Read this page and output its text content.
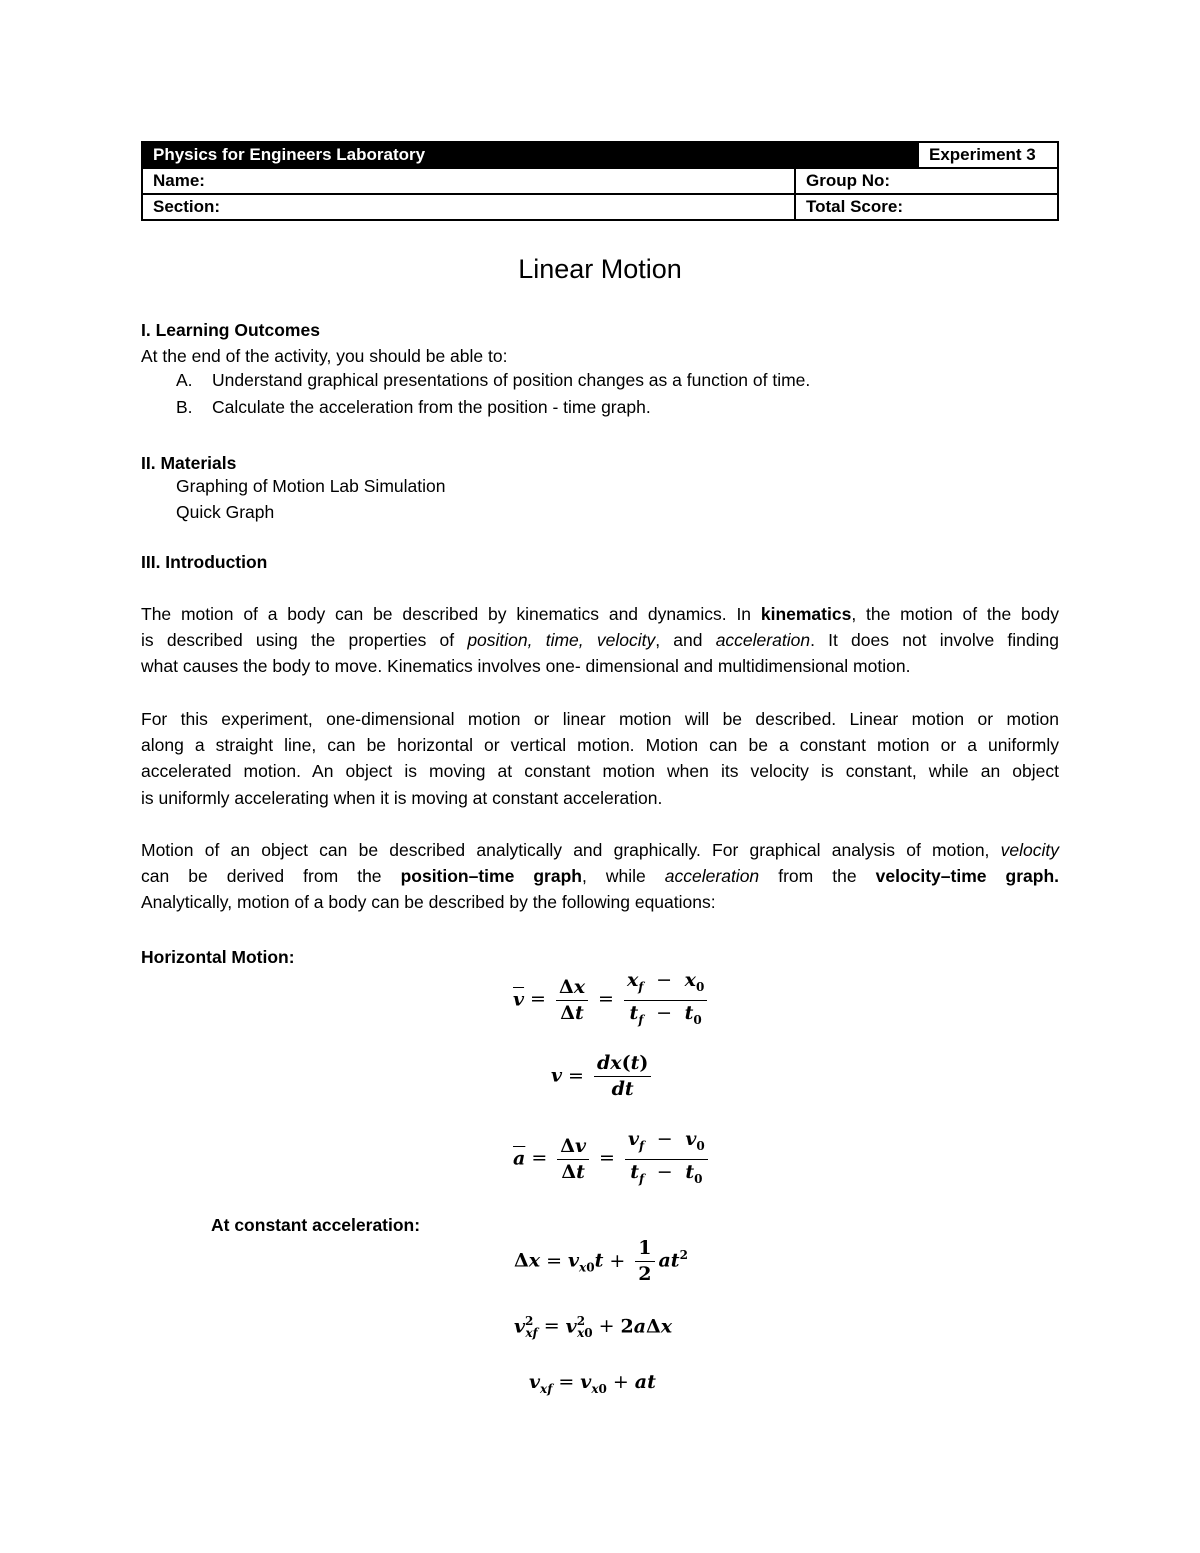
Physics for Engineers Laboratory		Experiment 3
Name:	Group No:	
Section:	Total Score:	
Linear Motion
I. Learning Outcomes
At the end of the activity, you should be able to:
A. Understand graphical presentations of position changes as a function of time.
B. Calculate the acceleration from the position - time graph.
II. Materials
Graphing of Motion Lab Simulation
Quick Graph
III. Introduction
The motion of a body can be described by kinematics and dynamics. In kinematics, the motion of the body
is described using the properties of position, time, velocity, and acceleration. It does not involve finding
what causes the body to move. Kinematics involves one- dimensional and multidimensional motion.
For this experiment, one-dimensional motion or linear motion will be described. Linear motion or motion
along a straight line, can be horizontal or vertical motion. Motion can be a constant motion or a uniformly
accelerated motion. An object is moving at constant motion when its velocity is constant, while an object
is uniformly accelerating when it is moving at constant acceleration.
Motion of an object can be described analytically and graphically. For graphical analysis of motion, velocity
can be derived from the position–time graph, while acceleration from the velocity–time graph.
Analytically, motion of a body can be described by the following equations:
Horizontal Motion:
$\overline{v} = \frac{\Delta x}{\Delta t} = \frac{x_f - x_0}{t_f - t_0}$
$v = \frac{dx(t)}{dt}$
$\overline{a} = \frac{\Delta v}{\Delta t} = \frac{v_f - v_0}{t_f - t_0}$
At constant acceleration:
$\Delta x = v_{x0}t + \frac{1}{2} at^2$
$v^2_{xf} = v^2_{x0} + 2a\Delta x$
$v_{xf} = v_{x0}$ + at
